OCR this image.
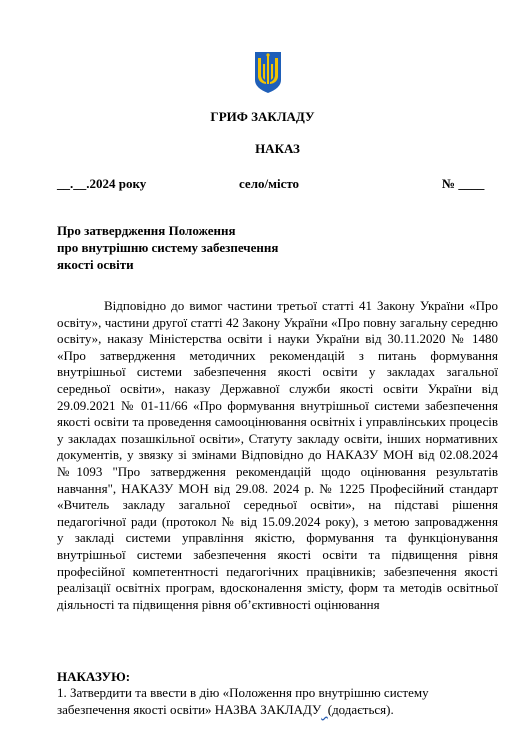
ГРИФ ЗАКЛАДУ
НАКАЗ
__.__.2024 року	село/місто	№ ____
Про затвердження Положення
про внутрішню систему забезпечення
якості освіти
Відповідно до вимог частини третьої статті 41 Закону України «Про
освіту», частини другої статті 42 Закону України «Про повну загальну середню
освіту», наказу Міністерства освіти і науки України від 30.11.2020 № 1480
«Про затвердження методичних рекомендацій з питань формування
внутрішньої системи забезпечення якості освіти у закладах загальної
середньої освіти», наказу Державної служби якості освіти України від
29.09.2021 № 01-11/66 «Про формування внутрішньої системи забезпечення
якості освіти та проведення самооцінювання освітніх і управлінських процесів
у закладах позашкільної освіти», Статуту закладу освіти, інших нормативних
документів, у звязку зі змінами Відповідно до НАКАЗУ МОН від 02.08.2024
№1093 "Про затвердження рекомендацій щодо оцінювання результатів
навчання", НАКАЗУ МОН від 29.08. 2024 р. № 1225 Професійний стандарт
«Вчитель закладу загальної середньої освіти», на підставі рішення
педагогічної ради (протокол № від 15.09.2024 року), з метою запровадження
у закладі системи управління якістю, формування та функціонування
внутрішньої системи забезпечення якості освіти та підвищення рівня
професійної компетентності педагогічних працівників; забезпечення якості
реалізації освітніх програм, вдосконалення змісту, форм та методів освітньої
діяльності та підвищення рівня об’єктивності оцінювання
НАКАЗУЮ:
1. Затвердити та ввести в дію «Положення про внутрішню систему
забезпечення якості освіти» НАЗВА ЗАКЛАДУ (додається).
